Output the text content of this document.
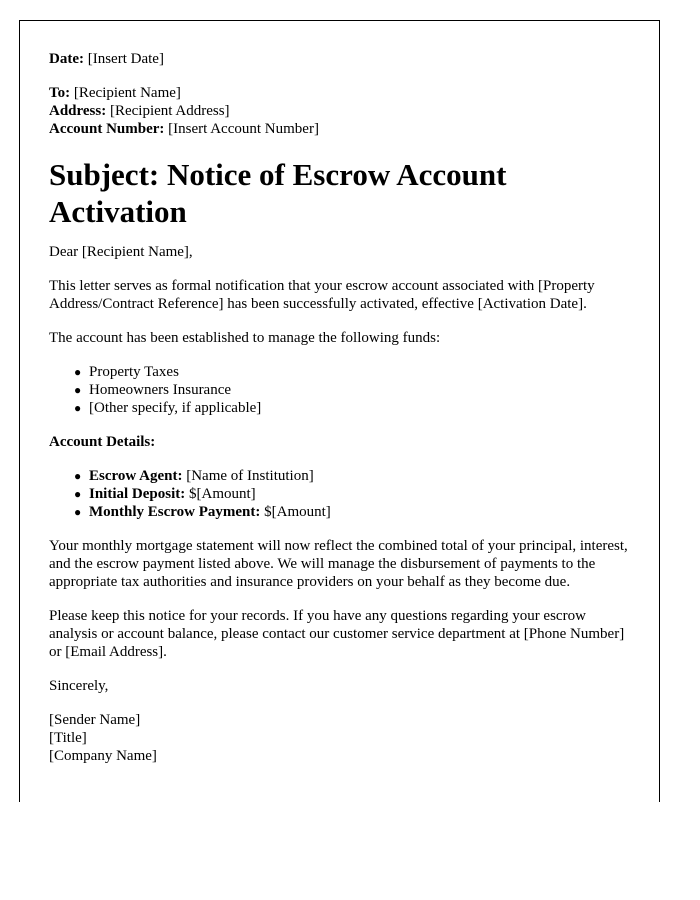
Date: [Insert Date]

To: [Recipient Name]

Address: [Recipient Address]

Account Number: [Insert Account Number]

Subject: Notice of Escrow Account Activation

Dear [Recipient Name],

This letter serves as formal notification that your escrow account associated with [Property Address/Contract Reference] has been successfully activated, effective [Activation Date].

The account has been established to manage the following funds:

● Property Taxes
● Homeowners Insurance
● [Other specify, if applicable]

Account Details:

● Escrow Agent: [Name of Institution]
● Initial Deposit: $[Amount]
● Monthly Escrow Payment: $[Amount]

Your monthly mortgage statement will now reflect the combined total of your principal, interest, and the escrow payment listed above. We will manage the disbursement of payments to the appropriate tax authorities and insurance providers on your behalf as they become due.

Please keep this notice for your records. If you have any questions regarding your escrow analysis or account balance, please contact our customer service department at [Phone Number] or [Email Address].

Sincerely,

[Sender Name]

[Title]

[Company Name]
